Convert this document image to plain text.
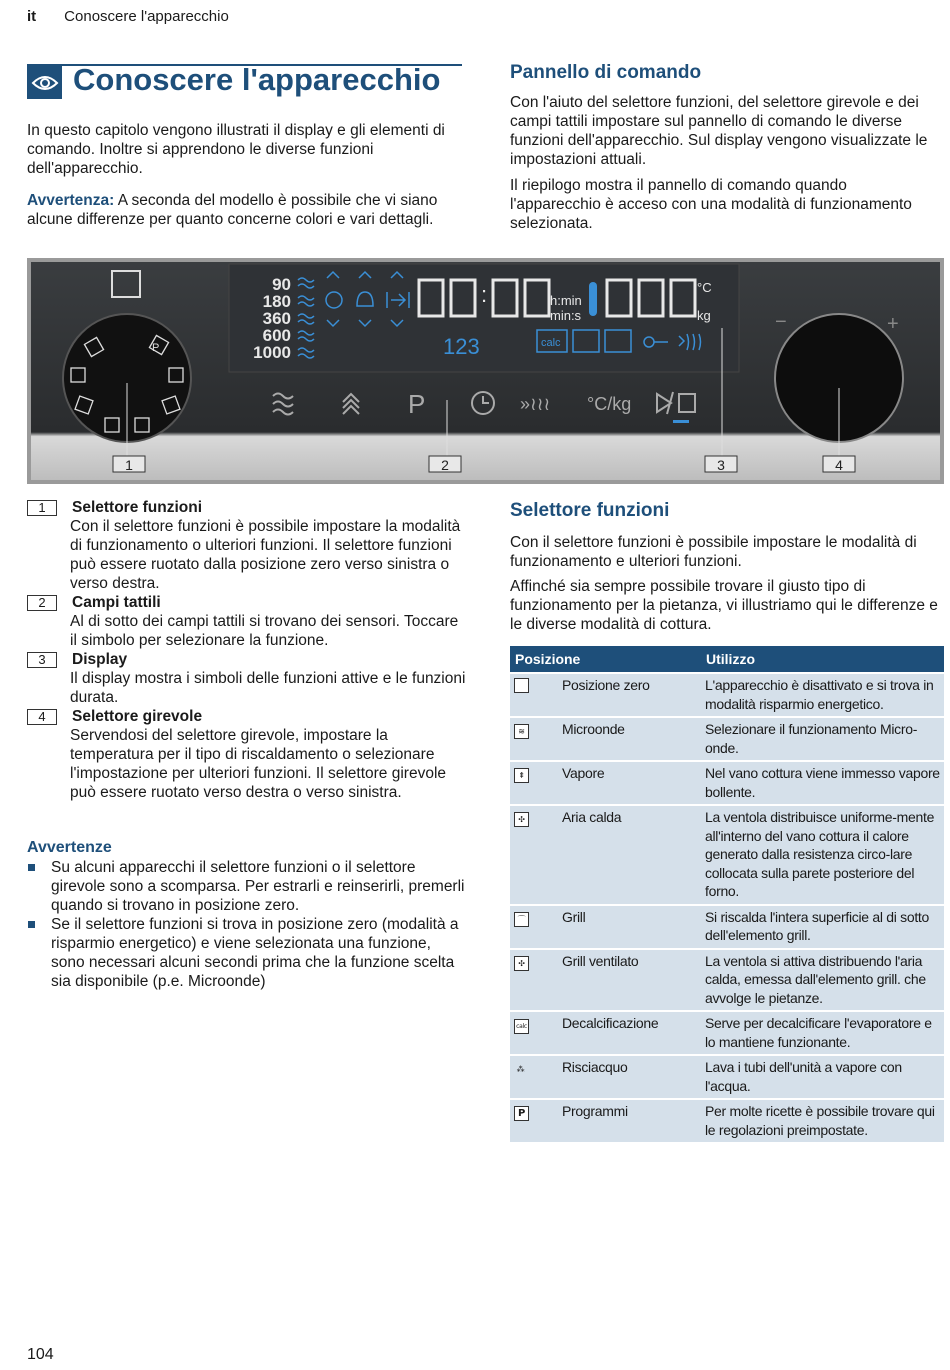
it Conoscere l'apparecchio
Conoscere l'apparecchio
In questo capitolo vengono illustrati il display e gli elementi di comando. Inoltre si apprendono le diverse funzioni dell'apparecchio.
Avvertenza: A seconda del modello è possibile che vi siano alcune differenze per quanto concerne colori e vari dettagli.
Pannello di comando
Con l'aiuto del selettore funzioni, del selettore girevole e dei campi tattili impostare sul pannello di comando le diverse funzioni dell'apparecchio. Sul display vengono visualizzate le impostazioni attuali.
Il riepilogo mostra il pannello di comando quando l'apparecchio è acceso con una modalità di funzionamento selezionata.
P
90
180
360
600
1000
:	h:min
min:s
°C
kg
123	calc
P	»≀≀≀ °C/kg
−	+
1	2	3	4
1	Selettore funzioni
Con il selettore funzioni è possibile impostare la modalità di funzionamento o ulteriori funzioni. Il selettore funzioni può essere ruotato dalla posizione zero verso sinistra o verso destra.
2	Campi tattili
Al di sotto dei campi tattili si trovano dei sensori. Toccare il simbolo per selezionare la funzione.
3	Display
Il display mostra i simboli delle funzioni attive e le funzioni durata.
4	Selettore girevole
Servendosi del selettore girevole, impostare la temperatura per il tipo di riscaldamento o selezionare l'impostazione per ulteriori funzioni. Il selettore girevole può essere ruotato verso destra o verso sinistra.
Avvertenze
Su alcuni apparecchi il selettore funzioni o il selettore girevole sono a scomparsa. Per estrarli e reinserirli, premerli quando si trovano in posizione zero.
Se il selettore funzioni si trova in posizione zero (modalità a risparmio energetico) e viene selezionata una funzione, sono necessari alcuni secondi prima che la funzione scelta sia disponibile (p.e. Microonde)
Selettore funzioni
Con il selettore funzioni è possibile impostare le modalità di funzionamento e ulteriori funzioni.
Affinché sia sempre possibile trovare il giusto tipo di funzionamento per la pietanza, vi illustriamo qui le differenze e le diverse modalità di cottura.
Posizione		Utilizzo
	Posizione zero	L'apparecchio è disattivato e si trova in modalità risparmio energetico.
≋	Microonde	Selezionare il funzionamento Micro-onde.
⇞	Vapore	Nel vano cottura viene immesso vapore bollente.
✣	Aria calda	La ventola distribuisce uniforme-mente all'interno del vano cottura il calore generato dalla resistenza circo-lare collocata sulla parete posteriore del forno.
⌒	Grill	Si riscalda l'intera superficie al di sotto dell'elemento grill.
✣	Grill ventilato	La ventola si attiva distribuendo l'aria calda, emessa dall'elemento grill. che avvolge le pietanze.
calc	Decalcificazione	Serve per decalcificare l'evaporatore e lo mantiene funzionante.
⁂	Risciacquo	Lava i tubi dell'unità a vapore con l'acqua.
P	Programmi	Per molte ricette è possibile trovare qui le regolazioni preimpostate.
104
